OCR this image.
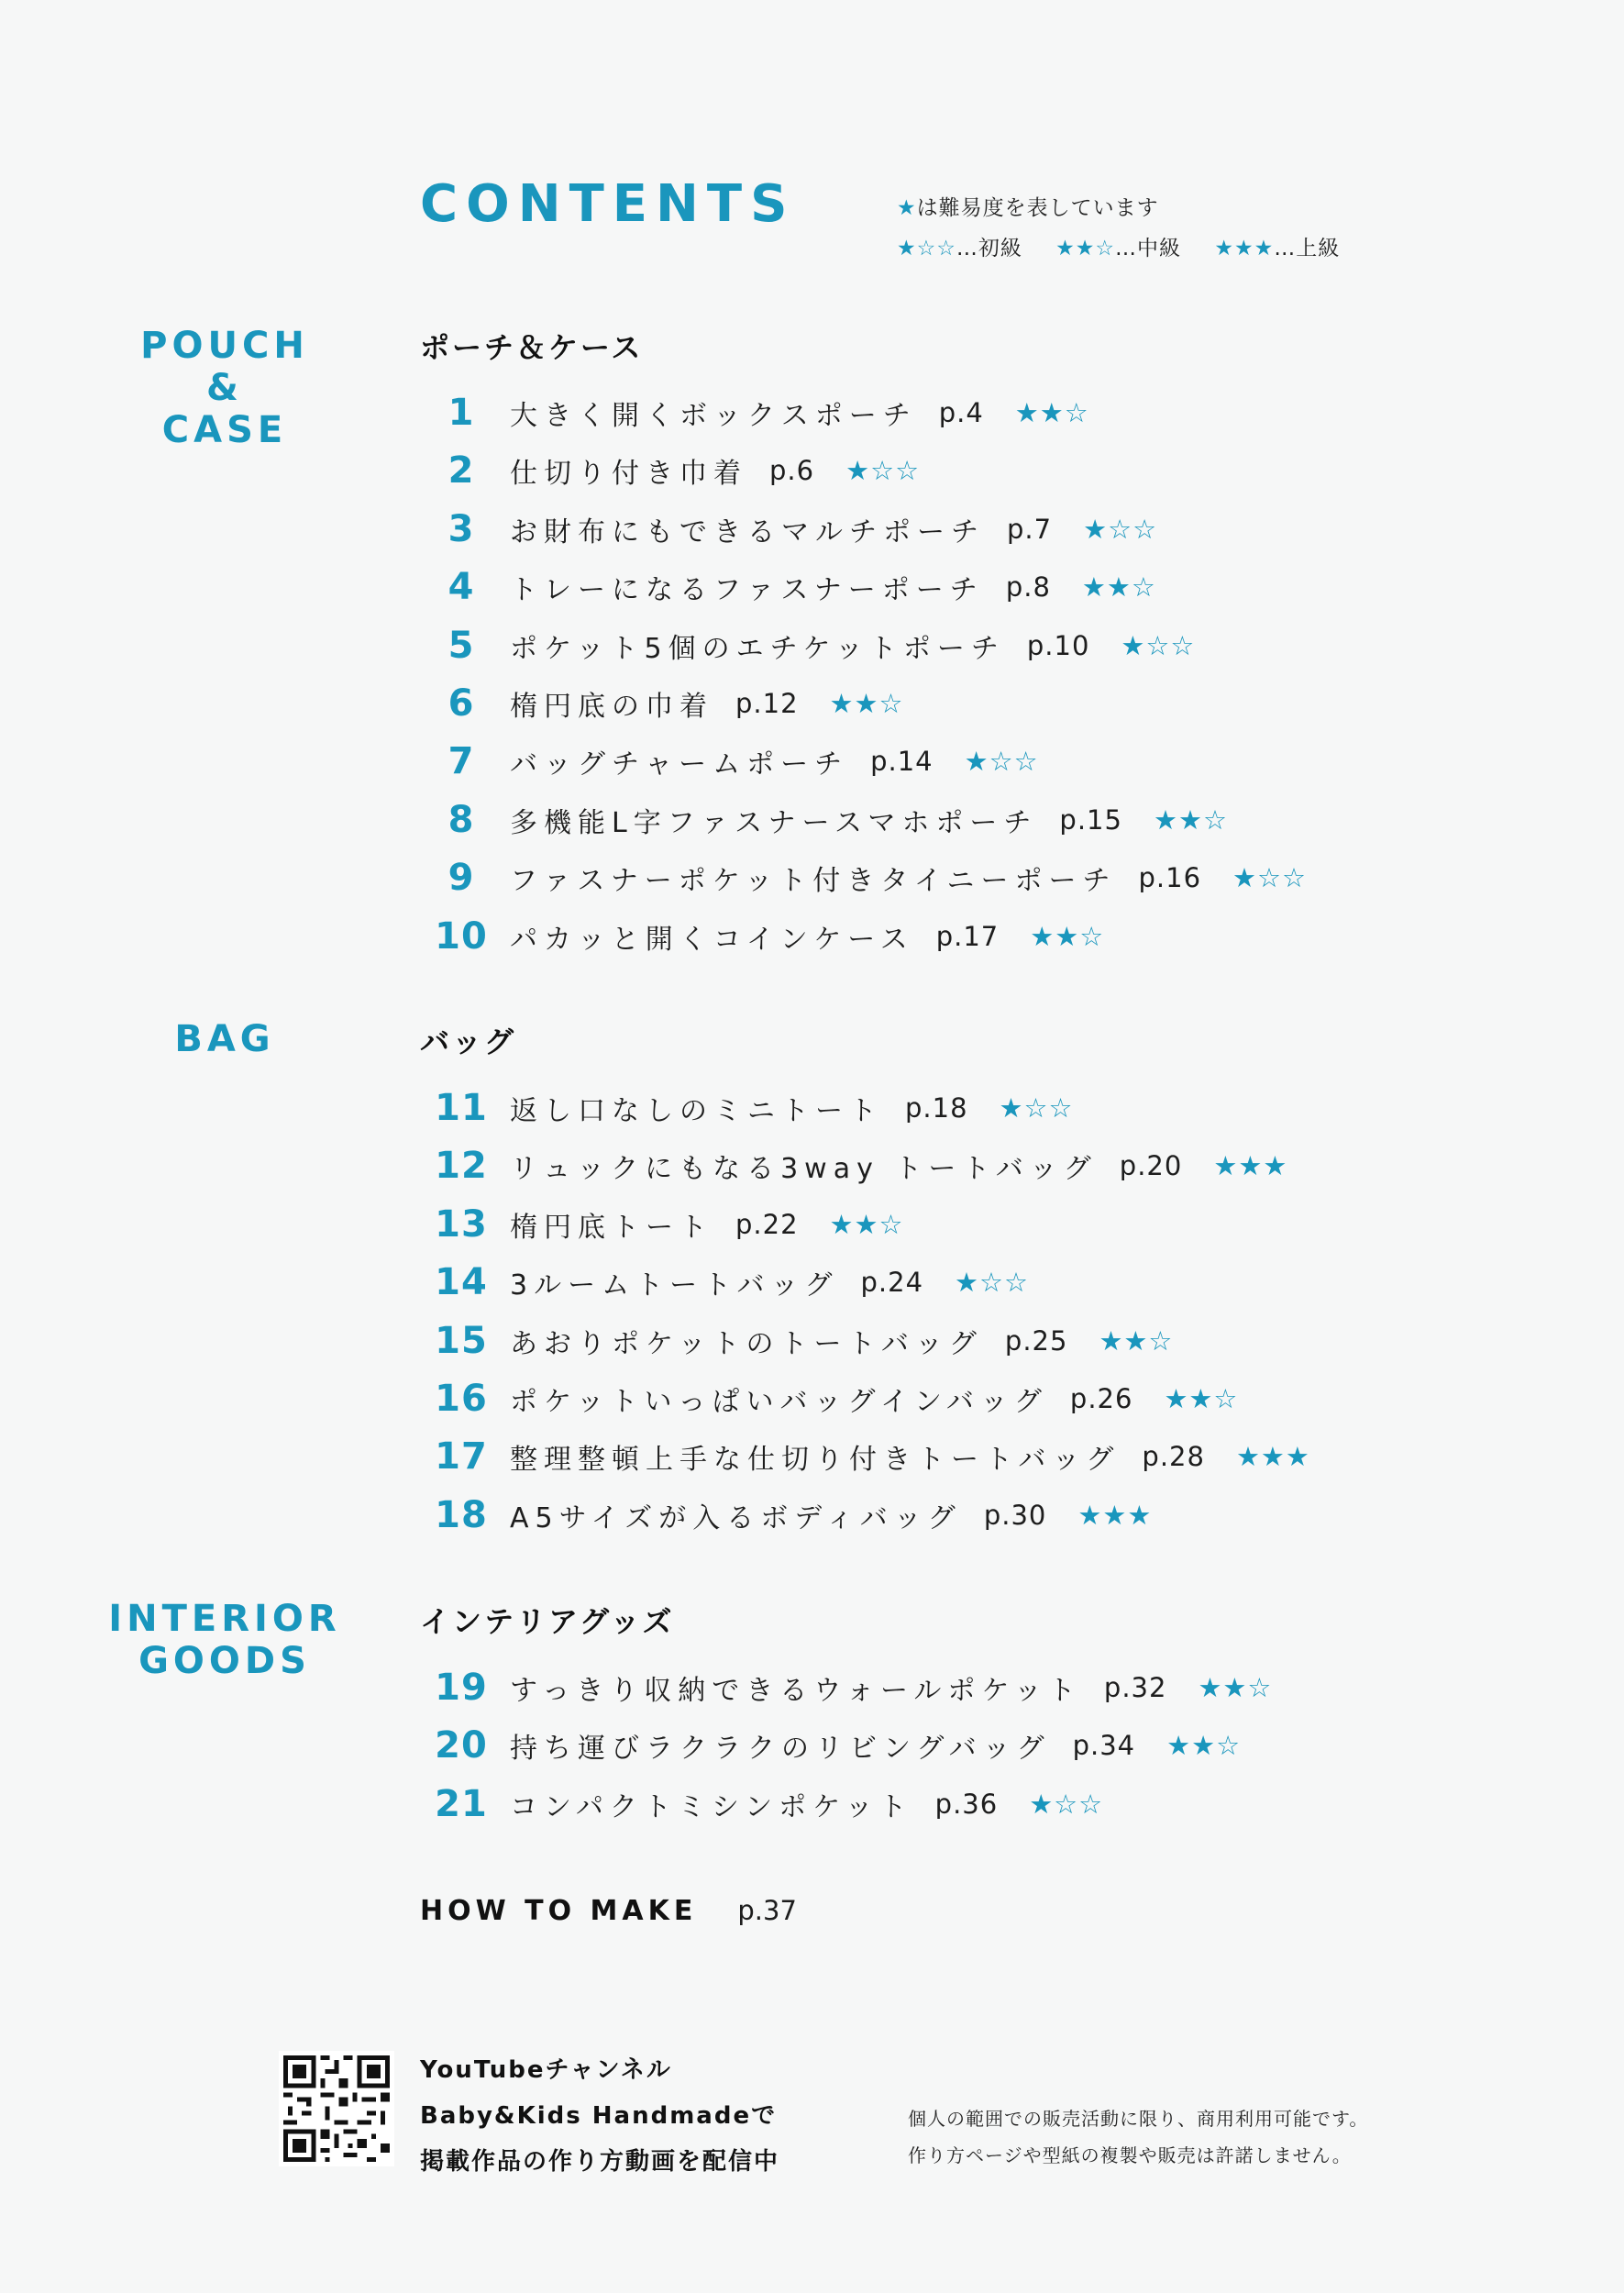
CONTENTS	★は難易度を表しています
★☆☆…初級 ★★☆…中級 ★★★…上級
POUCH
&
CASE
BAG
INTERIOR
GOODS
ポーチ＆ケース
バッグ
インテリアグッズ
1	大きく開くボックスポーチ p.4 ★★☆
2	仕切り付き巾着 p.6 ★☆☆
3	お財布にもできるマルチポーチ p.7 ★☆☆
4	トレーになるファスナーポーチ p.8 ★★☆
5	ポケット5個のエチケットポーチ p.10 ★☆☆
6	楕円底の巾着 p.12 ★★☆
7	バッグチャームポーチ p.14 ★☆☆
8	多機能L字ファスナースマホポーチ p.15 ★★☆
9	ファスナーポケット付きタイニーポーチ p.16 ★☆☆
10 パカッと開くコインケース p.17 ★★☆
11 返し口なしのミニトート p.18 ★☆☆
12 リュックにもなる3way トートバッグ p.20 ★★★
13 楕円底トート p.22 ★★☆
14 3ルームトートバッグ p.24 ★☆☆
15 あおりポケットのトートバッグ p.25 ★★☆
16 ポケットいっぱいバッグインバッグ p.26 ★★☆
17 整理整頓上手な仕切り付きトートバッグ p.28 ★★★
18 A5サイズが入るボディバッグ p.30 ★★★
19 すっきり収納できるウォールポケット p.32 ★★☆
20 持ち運びラクラクのリビングバッグ p.34 ★★☆
21 コンパクトミシンポケット p.36 ★☆☆
HOW TO MAKE p.37
YouTubeチャンネル
Baby&Kids Handmadeで
掲載作品の作り方動画を配信中
個人の範囲での販売活動に限り、商用利用可能です。
作り方ページや型紙の複製や販売は許諾しません。
